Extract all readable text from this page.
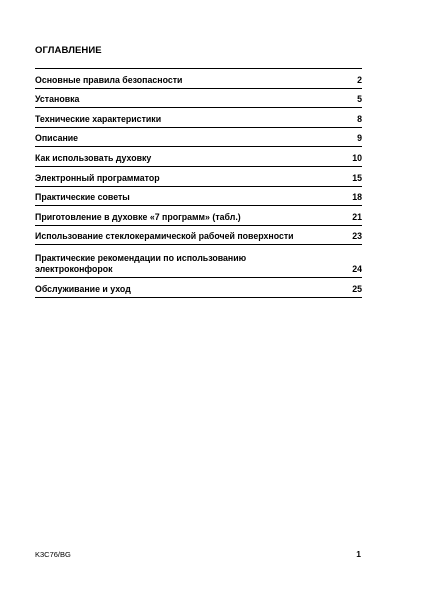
ОГЛАВЛЕНИЕ
Основные правила безопасности	2
Установка	5
Технические характеристики	8
Описание	9
Как использовать духовку	10
Электронный программатор	15
Практические советы	18
Приготовление в духовке «7 программ» (табл.)	21
Использование стеклокерамической рабочей поверхности	23
Практические рекомендации по использованию
электроконфорок	24
Обслуживание и уход	25

K3C76/BG	1
